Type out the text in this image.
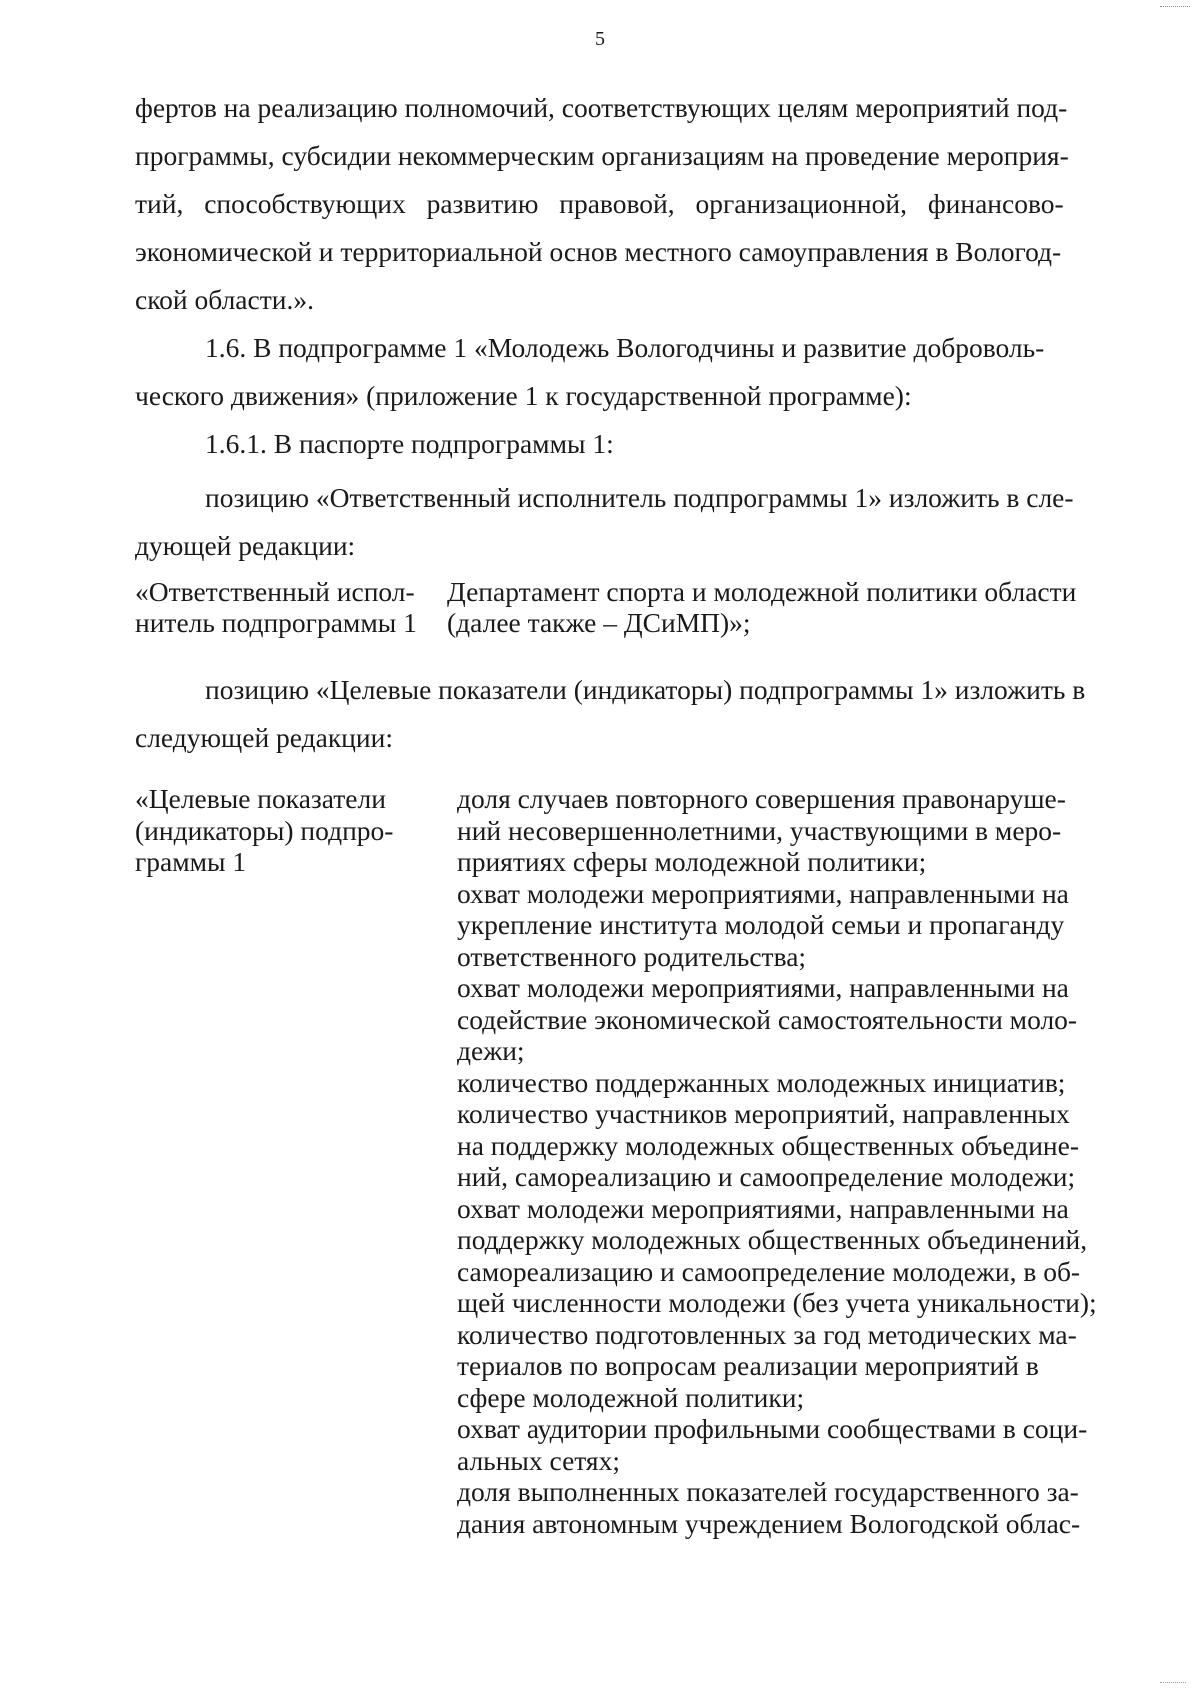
5
фертов на реализацию полномочий, соответствующих целям мероприятий под-
программы, субсидии некоммерческим организациям на проведение мероприя-
тий, способствующих развитию правовой, организационной, финансово-
экономической и территориальной основ местного самоуправления в Вологод-
ской области.».
1.6. В подпрограмме 1 «Молодежь Вологодчины и развитие доброволь-
ческого движения» (приложение 1 к государственной программе):
1.6.1. В паспорте подпрограммы 1:
позицию «Ответственный исполнитель подпрограммы 1» изложить в сле-
дующей редакции:
«Ответственный испол-
нитель подпрограммы 1
Департамент спорта и молодежной политики области
(далее также – ДСиМП)»;
позицию «Целевые показатели (индикаторы) подпрограммы 1» изложить в
следующей редакции:
«Целевые показатели
(индикаторы) подпро-
граммы 1
доля случаев повторного совершения правонаруше-
ний несовершеннолетними, участвующими в меро-
приятиях сферы молодежной политики;
охват молодежи мероприятиями, направленными на
укрепление института молодой семьи и пропаганду
ответственного родительства;
охват молодежи мероприятиями, направленными на
содействие экономической самостоятельности моло-
дежи;
количество поддержанных молодежных инициатив;
количество участников мероприятий, направленных
на поддержку молодежных общественных объедине-
ний, самореализацию и самоопределение молодежи;
охват молодежи мероприятиями, направленными на
поддержку молодежных общественных объединений,
самореализацию и самоопределение молодежи, в об-
щей численности молодежи (без учета уникальности);
количество подготовленных за год методических ма-
териалов по вопросам реализации мероприятий в
сфере молодежной политики;
охват аудитории профильными сообществами в соци-
альных сетях;
доля выполненных показателей государственного за-
дания автономным учреждением Вологодской облас-
